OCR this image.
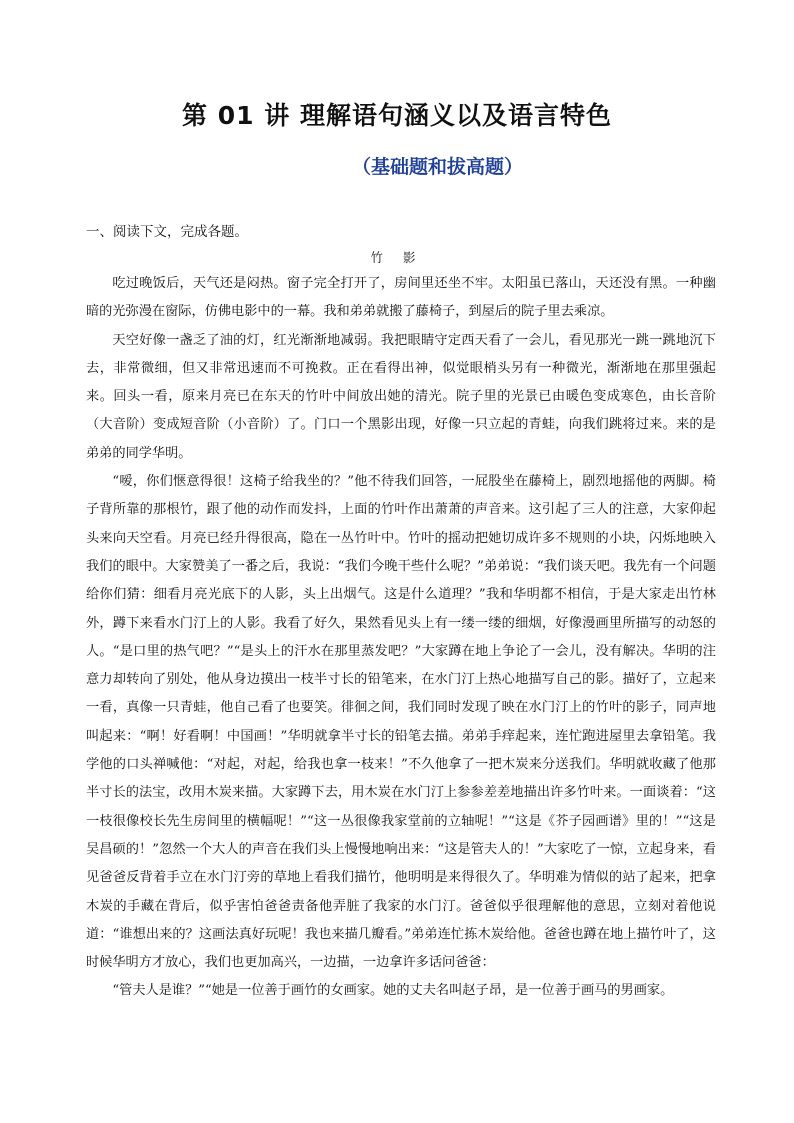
第 01 讲 理解语句涵义以及语言特色
（基础题和拔高题）

一、阅读下文，完成各题。

竹 影

吃过晚饭后，天气还是闷热。窗子完全打开了，房间里还坐不牢。太阳虽已落山，天还没有黑。一种幽暗的光弥漫在窗际，仿佛电影中的一幕。我和弟弟就搬了藤椅子，到屋后的院子里去乘凉。

天空好像一盏乏了油的灯，红光渐渐地减弱。我把眼睛守定西天看了一会儿，看见那光一跳一跳地沉下去，非常微细，但又非常迅速而不可挽救。正在看得出神，似觉眼梢头另有一种微光，渐渐地在那里强起来。回头一看，原来月亮已在东天的竹叶中间放出她的清光。院子里的光景已由暖色变成寒色，由长音阶（大音阶）变成短音阶（小音阶）了。门口一个黑影出现，好像一只立起的青蛙，向我们跳将过来。来的是弟弟的同学华明。

“嗳，你们惬意得很！这椅子给我坐的？”他不待我们回答，一屁股坐在藤椅上，剧烈地摇他的两脚。椅子背所靠的那根竹，跟了他的动作而发抖，上面的竹叶作出萧萧的声音来。这引起了三人的注意，大家仰起头来向天空看。月亮已经升得很高，隐在一丛竹叶中。竹叶的摇动把她切成许多不规则的小块，闪烁地映入我们的眼中。大家赞美了一番之后，我说：“我们今晚干些什么呢？”弟弟说：“我们谈天吧。我先有一个问题给你们猜：细看月亮光底下的人影，头上出烟气。这是什么道理？”我和华明都不相信，于是大家走出竹林外，蹲下来看水门汀上的人影。我看了好久，果然看见头上有一缕一缕的细烟，好像漫画里所描写的动怒的人。“是口里的热气吧？”“是头上的汗水在那里蒸发吧？”大家蹲在地上争论了一会儿，没有解决。华明的注意力却转向了别处，他从身边摸出一枝半寸长的铅笔来，在水门汀上热心地描写自己的影。描好了，立起来一看，真像一只青蛙，他自己看了也要笑。徘徊之间，我们同时发现了映在水门汀上的竹叶的影子，同声地叫起来：“啊！好看啊！中国画！”华明就拿半寸长的铅笔去描。弟弟手痒起来，连忙跑进屋里去拿铅笔。我学他的口头禅喊他：“对起，对起，给我也拿一枝来！”不久他拿了一把木炭来分送我们。华明就收藏了他那半寸长的法宝，改用木炭来描。大家蹲下去，用木炭在水门汀上参参差差地描出许多竹叶来。一面谈着：“这一枝很像校长先生房间里的横幅呢！”“这一丛很像我家堂前的立轴呢！”“这是《芥子园画谱》里的！”“这是吴昌硕的！”忽然一个大人的声音在我们头上慢慢地响出来：“这是管夫人的！”大家吃了一惊，立起身来，看见爸爸反背着手立在水门汀旁的草地上看我们描竹，他明明是来得很久了。华明难为情似的站了起来，把拿木炭的手藏在背后，似乎害怕爸爸责备他弄脏了我家的水门汀。爸爸似乎很理解他的意思，立刻对着他说道：“谁想出来的？这画法真好玩呢！我也来描几瓣看。”弟弟连忙拣木炭给他。爸爸也蹲在地上描竹叶了，这时候华明方才放心，我们也更加高兴，一边描，一边拿许多话问爸爸：

“管夫人是谁？”“她是一位善于画竹的女画家。她的丈夫名叫赵子昂，是一位善于画马的男画家。
